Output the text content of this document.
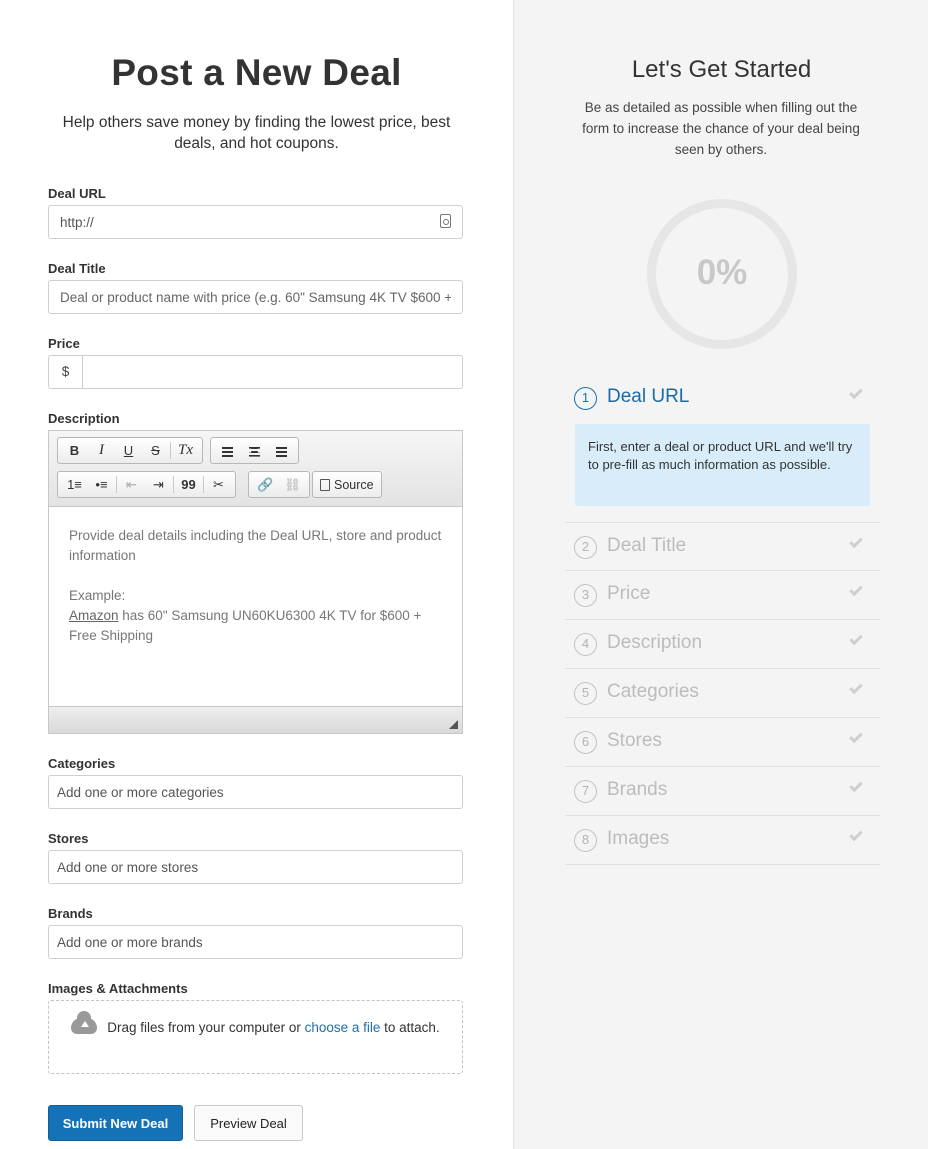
Post a New Deal
Help others save money by finding the lowest price, best deals, and hot coupons.
Deal URL
http://
Deal Title
Deal or product name with price (e.g. 60" Samsung 4K TV $600 +
Price
$
Description
B	I	U	S	Tx
1≡	•≡	⇤	⇥	99	✂	🔗 ⛓	Source
Provide deal details including the Deal URL, store and product information
Example:
Amazon has 60" Samsung UN60KU6300 4K TV for $600 + Free Shipping
Categories
Add one or more categories
Stores
Add one or more stores
Brands
Add one or more brands
Images & Attachments
Drag files from your computer or choose a file to attach.
Submit New Deal	Preview Deal
Let's Get Started
Be as detailed as possible when filling out the form to increase the chance of your deal being seen by others.
0%
1 Deal URL
First, enter a deal or product URL and we'll try to pre-fill as much information as possible.
2 Deal Title
3 Price
4 Description
5 Categories
6 Stores
7 Brands
8 Images
